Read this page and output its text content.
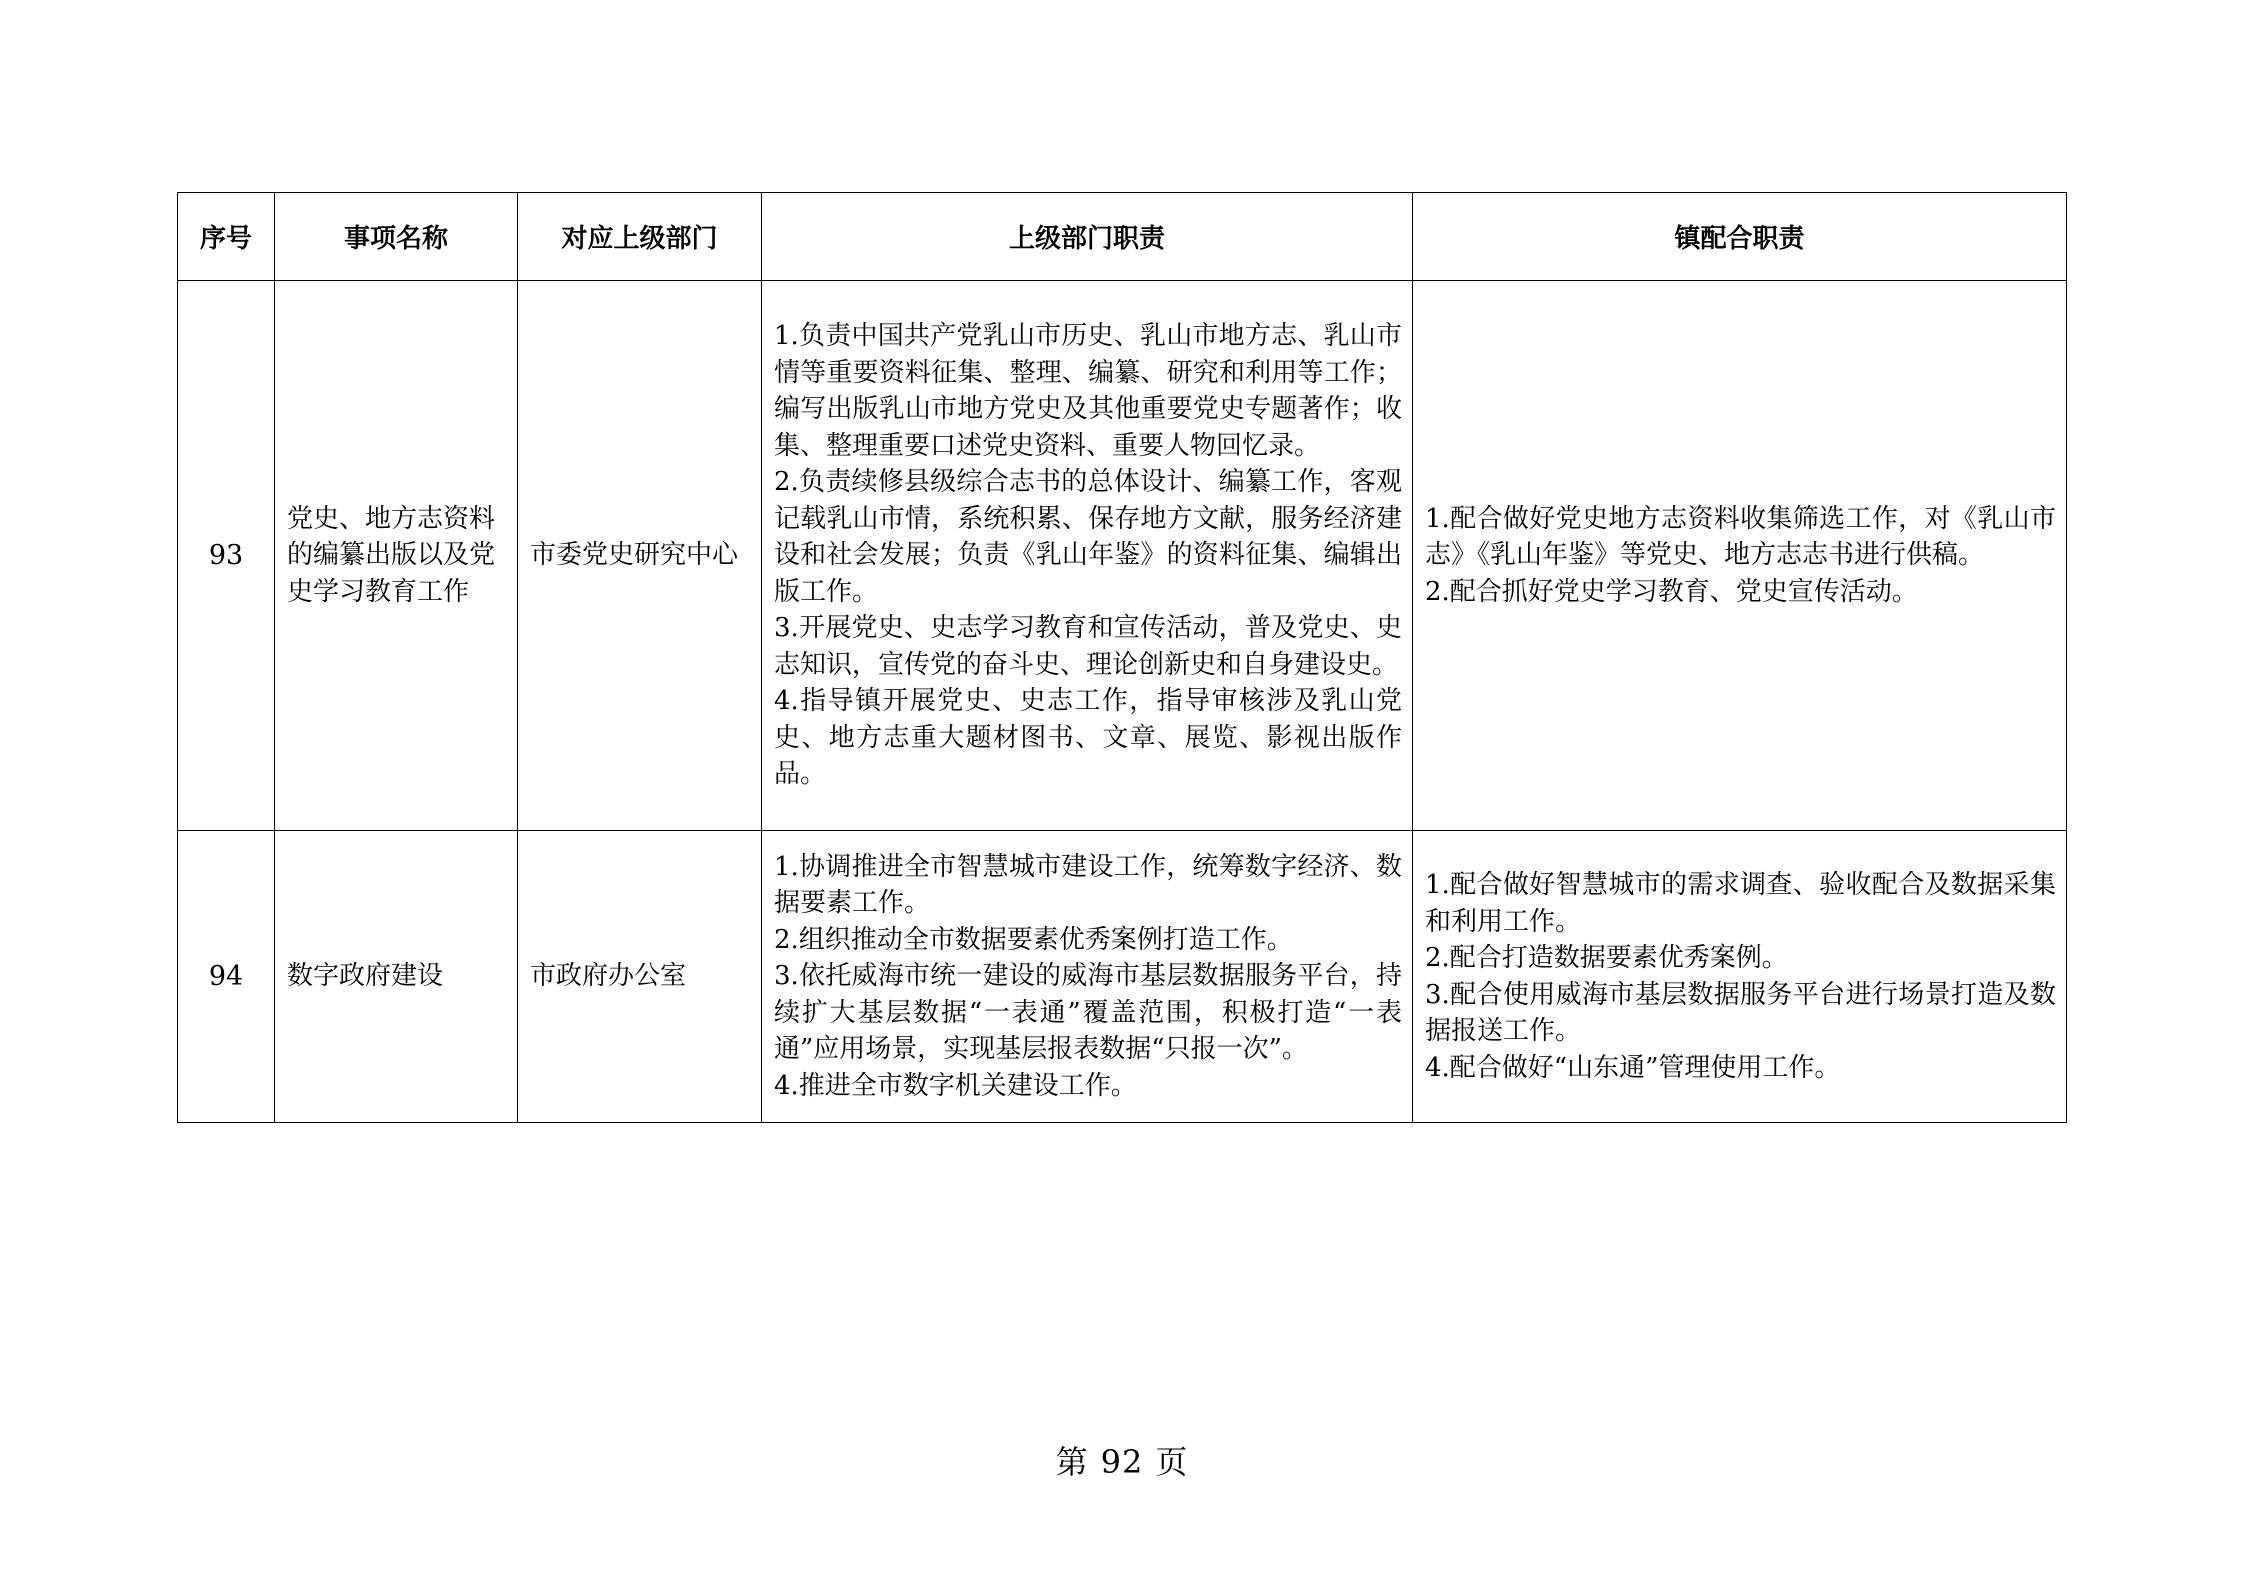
序号	事项名称	对应上级部门	上级部门职责	镇配合职责
93	党史、地方志资料的编纂出版以及党史学习教育工作	市委党史研究中心	1.负责中国共产党乳山市历史、乳山市地方志、乳山市情等重要资料征集、整理、编纂、研究和利用等工作；编写出版乳山市地方党史及其他重要党史专题著作；收集、整理重要口述党史资料、重要人物回忆录。
2.负责续修县级综合志书的总体设计、编纂工作，客观记载乳山市情，系统积累、保存地方文献，服务经济建设和社会发展；负责《乳山年鉴》的资料征集、编辑出版工作。
3.开展党史、史志学习教育和宣传活动，普及党史、史志知识，宣传党的奋斗史、理论创新史和自身建设史。
4.指导镇开展党史、史志工作，指导审核涉及乳山党史、地方志重大题材图书、文章、展览、影视出版作品。	1.配合做好党史地方志资料收集筛选工作，对《乳山市志》《乳山年鉴》等党史、地方志志书进行供稿。
2.配合抓好党史学习教育、党史宣传活动。

94	数字政府建设	市政府办公室	1.协调推进全市智慧城市建设工作，统筹数字经济、数据要素工作。
2.组织推动全市数据要素优秀案例打造工作。
3.依托威海市统一建设的威海市基层数据服务平台，持续扩大基层数据“一表通”覆盖范围，积极打造“一表通”应用场景，实现基层报表数据“只报一次”。
4.推进全市数字机关建设工作。	1.配合做好智慧城市的需求调查、验收配合及数据采集和利用工作。
2.配合打造数据要素优秀案例。
3.配合使用威海市基层数据服务平台进行场景打造及数据报送工作。
4.配合做好“山东通”管理使用工作。
第 92 页
